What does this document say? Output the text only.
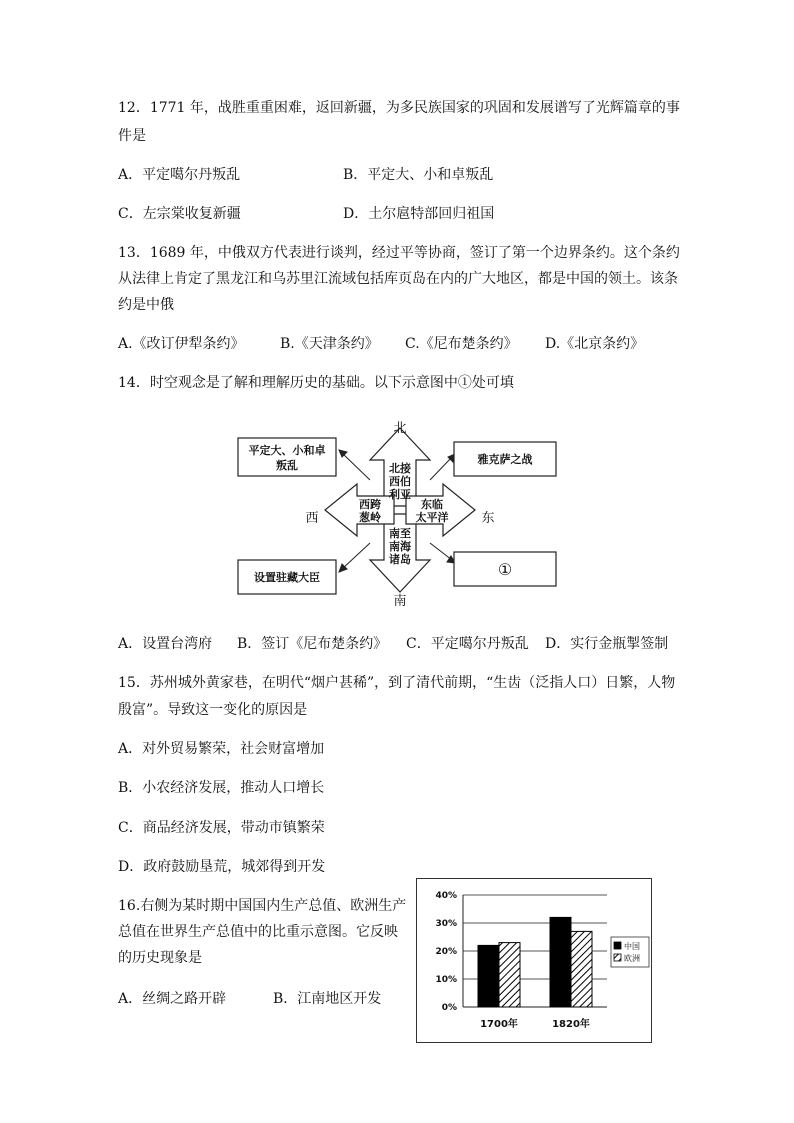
12．1771 年，战胜重重困难，返回新疆，为多民族国家的巩固和发展谱写了光辉篇章的事
件是
A．平定噶尔丹叛乱	B．平定大、小和卓叛乱
C．左宗棠收复新疆	D．土尔扈特部回归祖国
13．1689 年，中俄双方代表进行谈判，经过平等协商，签订了第一个边界条约。这个条约
从法律上肯定了黑龙江和乌苏里江流域包括库页岛在内的广大地区，都是中国的领土。该条
约是中俄
A.《改订伊犁条约》	B.《天津条约》 C.《尼布楚条约》 D.《北京条约》
14．时空观念是了解和理解历史的基础。以下示意图中①处可填
北
南
西	东
北接
西伯
利亚
西跨
葱岭
东临
太平洋
南至
南海
诸岛
平定大、小和卓
叛乱	雅克萨之战
设置驻藏大臣	①
A．设置台湾府 B．签订《尼布楚条约》 C．平定噶尔丹叛乱 D．实行金瓶掣签制
15．苏州城外黄家巷，在明代“烟户甚稀”，到了清代前期，“生齿（泛指人口）日繁，人物
殷富”。导致这一变化的原因是
A．对外贸易繁荣，社会财富增加
B．小农经济发展，推动人口增长
C．商品经济发展，带动市镇繁荣
D．政府鼓励垦荒，城郊得到开发
16.右侧为某时期中国国内生产总值、欧洲生产
总值在世界生产总值中的比重示意图。它反映
的历史现象是
A．丝绸之路开辟	B．江南地区开发
0%
10%
20%
30%
40%
1700年	1820年
中国
欧洲
